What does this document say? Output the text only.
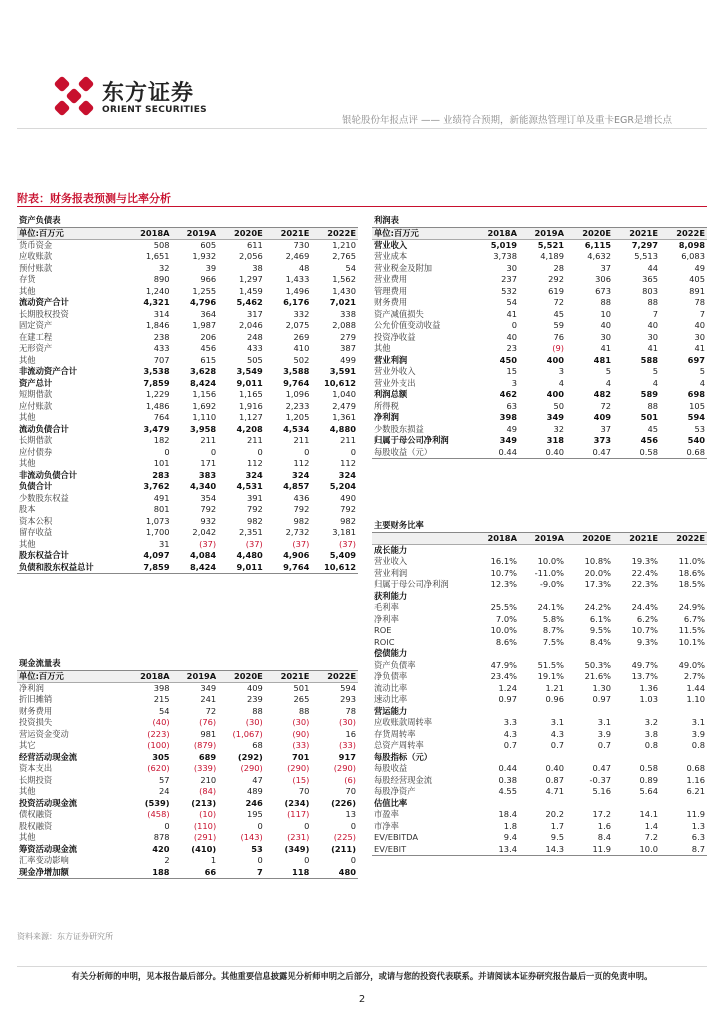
东方证券
ORIENT SECURITIES
银轮股份年报点评 —— 业绩符合预期，新能源热管理订单及重卡EGR是增长点
附表：财务报表预测与比率分析
资产负债表					
单位:百万元	2018A	2019A	2020E	2021E	2022E
货币资金	508	605	611	730	1,210
应收账款	1,651	1,932	2,056	2,469	2,765
预付账款	32	39	38	48	54
存货	890	966	1,297	1,433	1,562
其他	1,240	1,255	1,459	1,496	1,430
流动资产合计	4,321	4,796	5,462	6,176	7,021
长期股权投资	314	364	317	332	338
固定资产	1,846	1,987	2,046	2,075	2,088
在建工程	238	206	248	269	279
无形资产	433	456	433	410	387
其他	707	615	505	502	499
非流动资产合计	3,538	3,628	3,549	3,588	3,591
资产总计	7,859	8,424	9,011	9,764	10,612
短期借款	1,229	1,156	1,165	1,096	1,040
应付账款	1,486	1,692	1,916	2,233	2,479
其他	764	1,110	1,127	1,205	1,361
流动负债合计	3,479	3,958	4,208	4,534	4,880
长期借款	182	211	211	211	211
应付债券	0	0	0	0	0
其他	101	171	112	112	112
非流动负债合计	283	383	324	324	324
负债合计	3,762	4,340	4,531	4,857	5,204
少数股东权益	491	354	391	436	490
股本	801	792	792	792	792
资本公积	1,073	932	982	982	982
留存收益	1,700	2,042	2,351	2,732	3,181
其他	31	(37)	(37)	(37)	(37)
股东权益合计	4,097	4,084	4,480	4,906	5,409
负债和股东权益总计	7,859	8,424	9,011	9,764	10,612
现金流量表					
单位:百万元	2018A	2019A	2020E	2021E	2022E
净利润	398	349	409	501	594
折旧摊销	215	241	239	265	293
财务费用	54	72	88	88	78
投资损失	(40)	(76)	(30)	(30)	(30)
营运资金变动	(223)	981	(1,067)	(90)	16
其它	(100)	(879)	68	(33)	(33)
经营活动现金流	305	689	(292)	701	917
资本支出	(620)	(339)	(290)	(290)	(290)
长期投资	57	210	47	(15)	(6)
其他	24	(84)	489	70	70
投资活动现金流	(539)	(213)	246	(234)	(226)
债权融资	(458)	(10)	195	(117)	13
股权融资	0	(110)	0	0	0
其他	878	(291)	(143)	(231)	(225)
筹资活动现金流	420	(410)	53	(349)	(211)
汇率变动影响	2	1	0	0	0
现金净增加额	188	66	7	118	480
利润表					
单位:百万元	2018A	2019A	2020E	2021E	2022E
营业收入	5,019	5,521	6,115	7,297	8,098
营业成本	3,738	4,189	4,632	5,513	6,083
营业税金及附加	30	28	37	44	49
营业费用	237	292	306	365	405
管理费用	532	619	673	803	891
财务费用	54	72	88	88	78
资产减值损失	41	45	10	7	7
公允价值变动收益	0	59	40	40	40
投资净收益	40	76	30	30	30
其他	23	(9)	41	41	41
营业利润	450	400	481	588	697
营业外收入	15	3	5	5	5
营业外支出	3	4	4	4	4
利润总额	462	400	482	589	698
所得税	63	50	72	88	105
净利润	398	349	409	501	594
少数股东损益	49	32	37	45	53
归属于母公司净利润	349	318	373	456	540
每股收益（元）	0.44	0.40	0.47	0.58	0.68
主要财务比率					
	2018A	2019A	2020E	2021E	2022E
成长能力					
营业收入	16.1%	10.0%	10.8%	19.3%	11.0%
营业利润	10.7%	-11.0%	20.0%	22.4%	18.6%
归属于母公司净利润	12.3%	-9.0%	17.3%	22.3%	18.5%
获利能力					
毛利率	25.5%	24.1%	24.2%	24.4%	24.9%
净利率	7.0%	5.8%	6.1%	6.2%	6.7%
ROE	10.0%	8.7%	9.5%	10.7%	11.5%
ROIC	8.6%	7.5%	8.4%	9.3%	10.1%
偿债能力					
资产负债率	47.9%	51.5%	50.3%	49.7%	49.0%
净负债率	23.4%	19.1%	21.6%	13.7%	2.7%
流动比率	1.24	1.21	1.30	1.36	1.44
速动比率	0.97	0.96	0.97	1.03	1.10
营运能力					
应收账款周转率	3.3	3.1	3.1	3.2	3.1
存货周转率	4.3	4.3	3.9	3.8	3.9
总资产周转率	0.7	0.7	0.7	0.8	0.8
每股指标（元）					
每股收益	0.44	0.40	0.47	0.58	0.68
每股经营现金流	0.38	0.87	-0.37	0.89	1.16
每股净资产	4.55	4.71	5.16	5.64	6.21
估值比率					
市盈率	18.4	20.2	17.2	14.1	11.9
市净率	1.8	1.7	1.6	1.4	1.3
EV/EBITDA	9.4	9.5	8.4	7.2	6.3
EV/EBIT	13.4	14.3	11.9	10.0	8.7
资料来源：东方证券研究所
有关分析师的申明，见本报告最后部分。其他重要信息披露见分析师申明之后部分，或请与您的投资代表联系。并请阅读本证券研究报告最后一页的免责申明。
2
